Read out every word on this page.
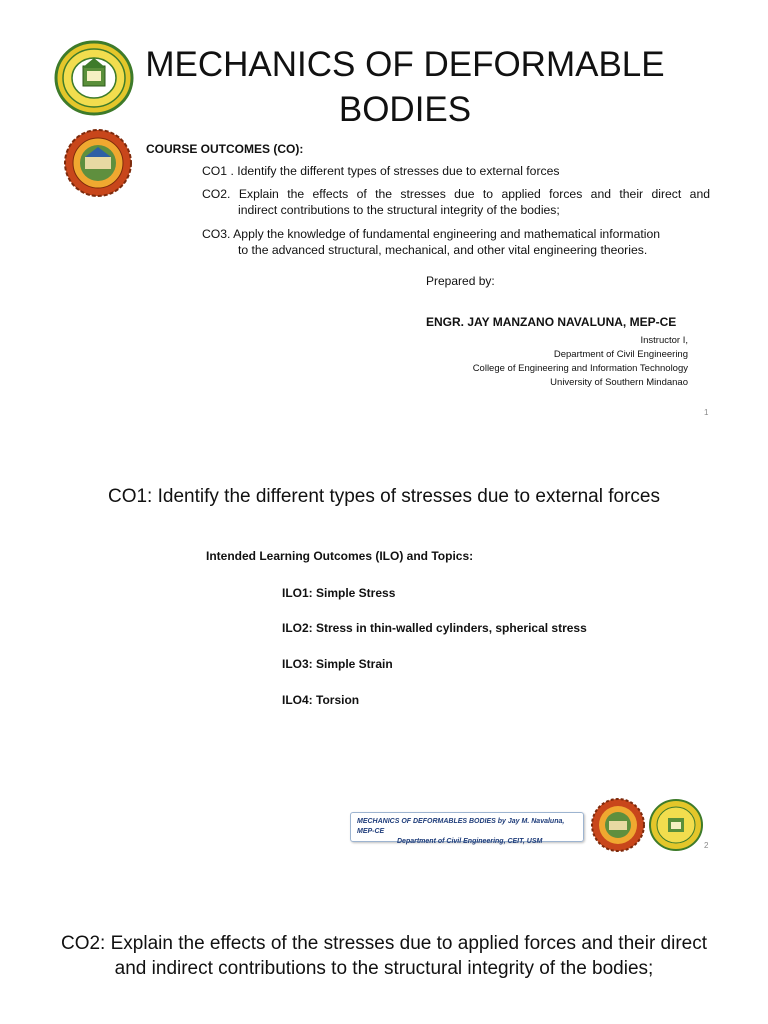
MECHANICS OF DEFORMABLE BODIES
COURSE OUTCOMES (CO):
CO1 . Identify the different types of stresses due to external forces
CO2. Explain the effects of the stresses due to applied forces and their direct and
indirect contributions to the structural integrity of the bodies;
CO3. Apply the knowledge of fundamental engineering and mathematical information
to the advanced structural, mechanical, and other vital engineering theories.
Prepared by:
ENGR. JAY MANZANO NAVALUNA, MEP-CE
Instructor I,
Department of Civil Engineering
College of Engineering and Information Technology
University of Southern Mindanao
1
CO1: Identify the different types of stresses due to external forces
Intended Learning Outcomes (ILO) and Topics:
ILO1: Simple Stress
ILO2: Stress in thin-walled cylinders, spherical stress
ILO3: Simple Strain
ILO4: Torsion
MECHANICS OF DEFORMABLES BODIES by Jay M. Navaluna, MEP-CE
Department of Civil Engineering, CEIT, USM	2
CO2: Explain the effects of the stresses due to applied forces and their direct and indirect contributions to the structural integrity of the bodies;
